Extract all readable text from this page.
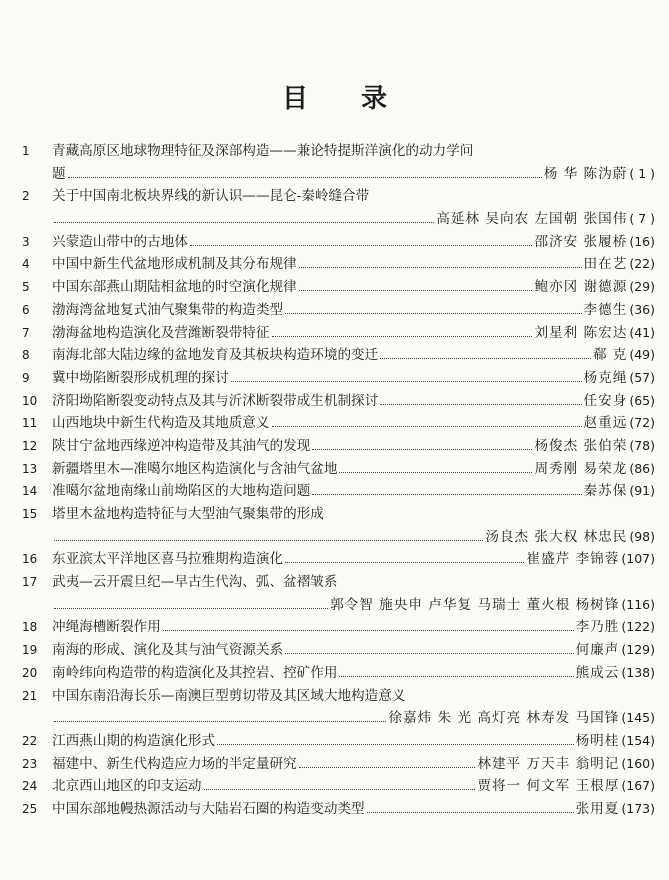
目 录
1	青藏高原区地球物理特征及深部构造——兼论特提斯洋演化的动力学问
题	杨 华 陈沩蔚 ( 1 )
2	关于中国南北板块界线的新认识——昆仑-秦岭缝合带
高延林 吴向农 左国朝 张国伟 ( 7 )
3	兴蒙造山带中的古地体	邵济安 张履桥 (16)
4	中国中新生代盆地形成机制及其分布规律	田在艺 (22)
5	中国东部燕山期陆相盆地的时空演化规律	鲍亦冈 谢德源 (29)
6	渤海湾盆地复式油气聚集带的构造类型	李德生 (36)
7	渤海盆地构造演化及营潍断裂带特征	刘星利 陈宏达 (41)
8	南海北部大陆边缘的盆地发育及其板块构造环境的变迁	郗 克 (49)
9	冀中坳陷断裂形成机理的探讨	杨克绳 (57)
10 济阳坳陷断裂变动特点及其与沂沭断裂带成生机制探讨	任安身 (65)
11 山西地块中新生代构造及其地质意义	赵重远 (72)
12 陕甘宁盆地西缘逆冲构造带及其油气的发现	杨俊杰 张伯荣 (78)
13 新疆塔里木—准噶尔地区构造演化与含油气盆地	周秀刚 易荣龙 (86)
14 准噶尔盆地南缘山前坳陷区的大地构造问题	秦苏保 (91)
15 塔里木盆地构造特征与大型油气聚集带的形成
汤良杰 张大权 林忠民 (98)
16 东亚滨太平洋地区喜马拉雅期构造演化	崔盛芹 李锦蓉 (107)
17 武夷—云开震旦纪—早古生代沟、弧、盆褶皱系
郭令智 施央申 卢华复 马瑞士 董火根 杨树锋 (116)
18 冲绳海槽断裂作用	李乃胜 (122)
19 南海的形成、演化及其与油气资源关系	何廉声 (129)
20 南岭纬向构造带的构造演化及其控岩、控矿作用	熊成云 (138)
21 中国东南沿海长乐—南澳巨型剪切带及其区域大地构造意义
徐嘉炜 朱 光 高灯亮 林寿发 马国锋 (145)
22 江西燕山期的构造演化形式	杨明桂 (154)
23 福建中、新生代构造应力场的半定量研究	林建平 万天丰 翁明记 (160)
24 北京西山地区的印支运动	贾将一 何文军 王根厚 (167)
25 中国东部地幔热源活动与大陆岩石圈的构造变动类型	张用夏 (173)
